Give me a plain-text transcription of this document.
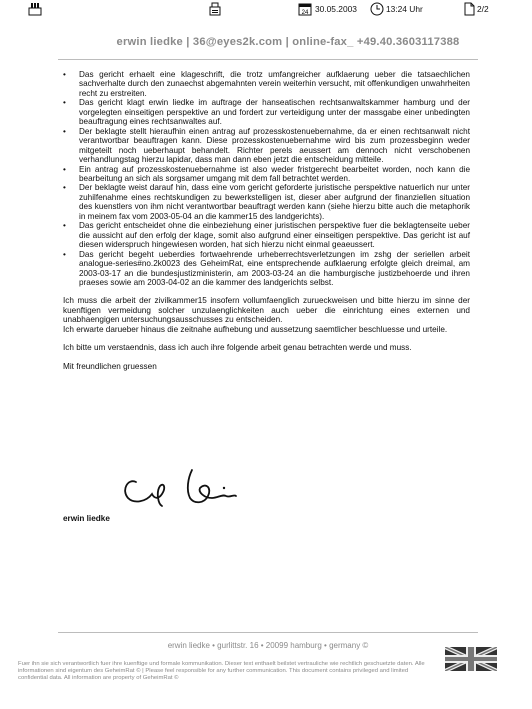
24 30.05.2003	13:24 Uhr	2/2
erwin liedke | 36@eyes2k.com | online-fax_ +49.40.3603117388
• Das gericht erhaelt eine klageschrift, die trotz umfangreicher aufklaerung ueber die tatsaechlichen sachverhalte durch den zunaechst abgemahnten verein weiterhin versucht, mit offenkundigen unwahrheiten recht zu erstreiten.
• Das gericht klagt erwin liedke im auftrage der hanseatischen rechtsanwaltskammer hamburg und der vorgelegten einseitigen perspektive an und fordert zur verteidigung unter der massgabe einer unbedingten beauftragung eines rechtsanwaltes auf.
• Der beklagte stellt hieraufhin einen antrag auf prozesskostenuebernahme, da er einen rechtsanwalt nicht verantwortbar beauftragen kann. Diese prozesskostenuebernahme wird bis zum prozessbeginn weder mitgeteilt noch ueberhaupt behandelt. Richter perels aeussert am dennoch nicht verschobenen verhandlungstag hierzu lapidar, dass man dann eben jetzt die entscheidung mitteile.
• Ein antrag auf prozesskostenuebernahme ist also weder fristgerecht bearbeitet worden, noch kann die bearbeitung an sich als sorgsamer umgang mit dem fall betrachtet werden.
• Der beklagte weist darauf hin, dass eine vom gericht geforderte juristische perspektive natuerlich nur unter zuhilfenahme eines rechtskundigen zu bewerkstelligen ist, dieser aber aufgrund der finanziellen situation des kuenstlers von ihm nicht verantwortbar beauftragt werden kann (siehe hierzu bitte auch die metaphorik in meinem fax vom 2003-05-04 an die kammer15 des landgerichts).
• Das gericht entscheidet ohne die einbeziehung einer juristischen perspektive fuer die beklagtenseite ueber die aussicht auf den erfolg der klage, somit also aufgrund einer einseitigen perspektive. Das gericht ist auf diesen widerspruch hingewiesen worden, hat sich hierzu nicht einmal geaeussert.
• Das gericht begeht ueberdies fortwaehrende urheberrechtsverletzungen im zshg der seriellen arbeit analogue-series#no.2k0023 des GeheimRat, eine entsprechende aufklaerung erfolgte gleich dreimal, am 2003-03-17 an die bundesjustizministerin, am 2003-03-24 an die hamburgische justizbehoerde und ihren praeses sowie am 2003-04-02 an die kammer des landgerichts selbst.

Ich muss die arbeit der zivilkammer15 insofern vollumfaenglich zurueckweisen und bitte hierzu im sinne der kuenftigen vermeidung solcher unzulaenglichkeiten auch ueber die einrichtung eines externen und unabhaengigen untersuchungsausschusses zu entscheiden.

Ich erwarte darueber hinaus die zeitnahe aufhebung und aussetzung saemtlicher beschluesse und urteile.

Ich bitte um verstaendnis, dass ich auch ihre folgende arbeit genau betrachten werde und muss.

Mit freundlichen gruessen

erwin liedke
erwin liedke • gurlittstr. 16 • 20099 hamburg • germany ©
Fuer ihn sie sich verantwortlich fuer ihre kuenftige und formale kommunikation. Dieser text enthaelt beilstet vertrauliche wie rechtlich geschuetzte daten. Alle informationen sind eigentum des GeheimRat © | Please feel responsible for any further communication. This document contains privileged and limited confidential data. All information are property of GeheimRat ©
